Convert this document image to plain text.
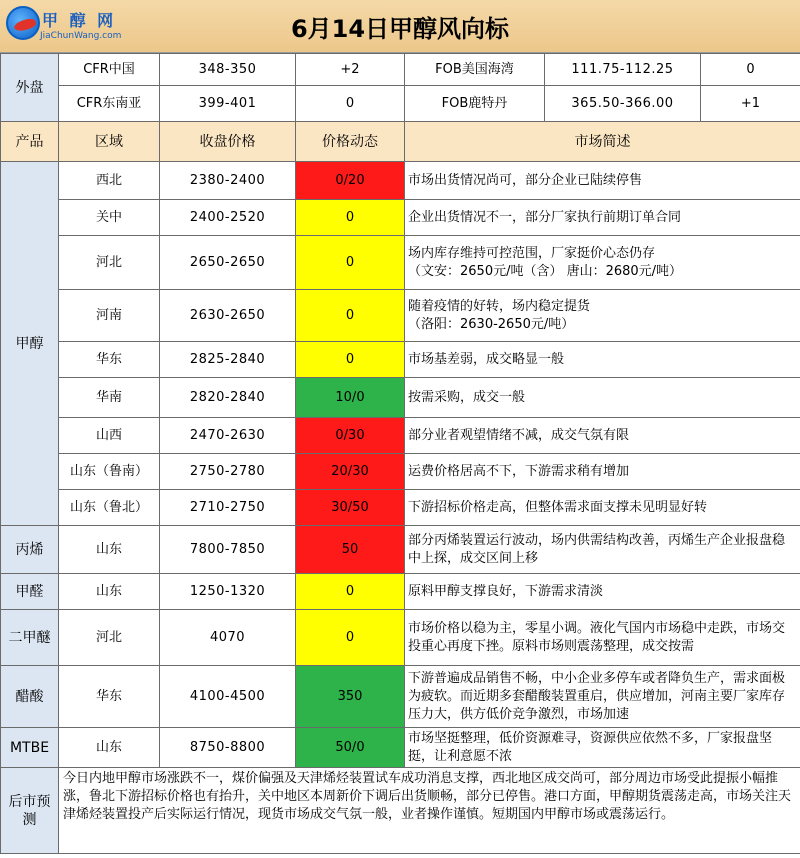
甲 醇 网
JiaChunWang.com	6月14日甲醇风向标
外盘	CFR中国	348-350	+2	FOB美国海湾	111.75-112.25	0
	CFR东南亚	399-401	0	FOB鹿特丹	365.50-366.00	+1
产品	区域	收盘价格	价格动态	市场简述		
甲醇	西北	2380-2400	0/20	市场出货情况尚可，部分企业已陆续停售		
	关中	2400-2520	0	企业出货情况不一，部分厂家执行前期订单合同		
	河北	2650-2650	0	场内库存维持可控范围，厂家挺价心态仍存
（文安：2650元/吨（含） 唐山：2680元/吨）		

	河南	2630-2650	0	随着疫情的好转，场内稳定提货
（洛阳：2630-2650元/吨）		

	华东	2825-2840	0	市场基差弱，成交略显一般		
	华南	2820-2840	10/0	按需采购，成交一般		
	山西	2470-2630	0/30	部分业者观望情绪不减，成交气氛有限		
	山东（鲁南）	2750-2780	20/30	运费价格居高不下，下游需求稍有增加		
	山东（鲁北）	2710-2750	30/50	下游招标价格走高，但整体需求面支撑未见明显好转		
丙烯	山东	7800-7850	50	部分丙烯装置运行波动，场内供需结构改善，丙烯生产企业报盘稳中上探，成交区间上移		
甲醛	山东	1250-1320	0	原料甲醇支撑良好，下游需求清淡		
二甲醚	河北	4070	0	市场价格以稳为主，零星小调。液化气国内市场稳中走跌，市场交投重心再度下挫。原料市场则震荡整理，成交按需		
醋酸	华东	4100-4500	350	下游普遍成品销售不畅，中小企业多停车或者降负生产，需求面极为疲软。而近期多套醋酸装置重启，供应增加，河南主要厂家库存压力大，供方低价竞争激烈，市场加速		
MTBE	山东	8750-8800	50/0	市场坚挺整理，低价资源难寻，资源供应依然不多，厂家报盘坚挺，让利意愿不浓		
后市预测	今日内地甲醇市场涨跌不一，煤价偏强及天津烯烃装置试车成功消息支撑，西北地区成交尚可，部分周边市场受此提振小幅推涨，鲁北下游招标价格也有抬升，关中地区本周新价下调后出货顺畅，部分已停售。港口方面，甲醇期货震荡走高，市场关注天津烯烃装置投产后实际运行情况，现货市场成交气氛一般，业者操作谨慎。短期国内甲醇市场或震荡运行。					
